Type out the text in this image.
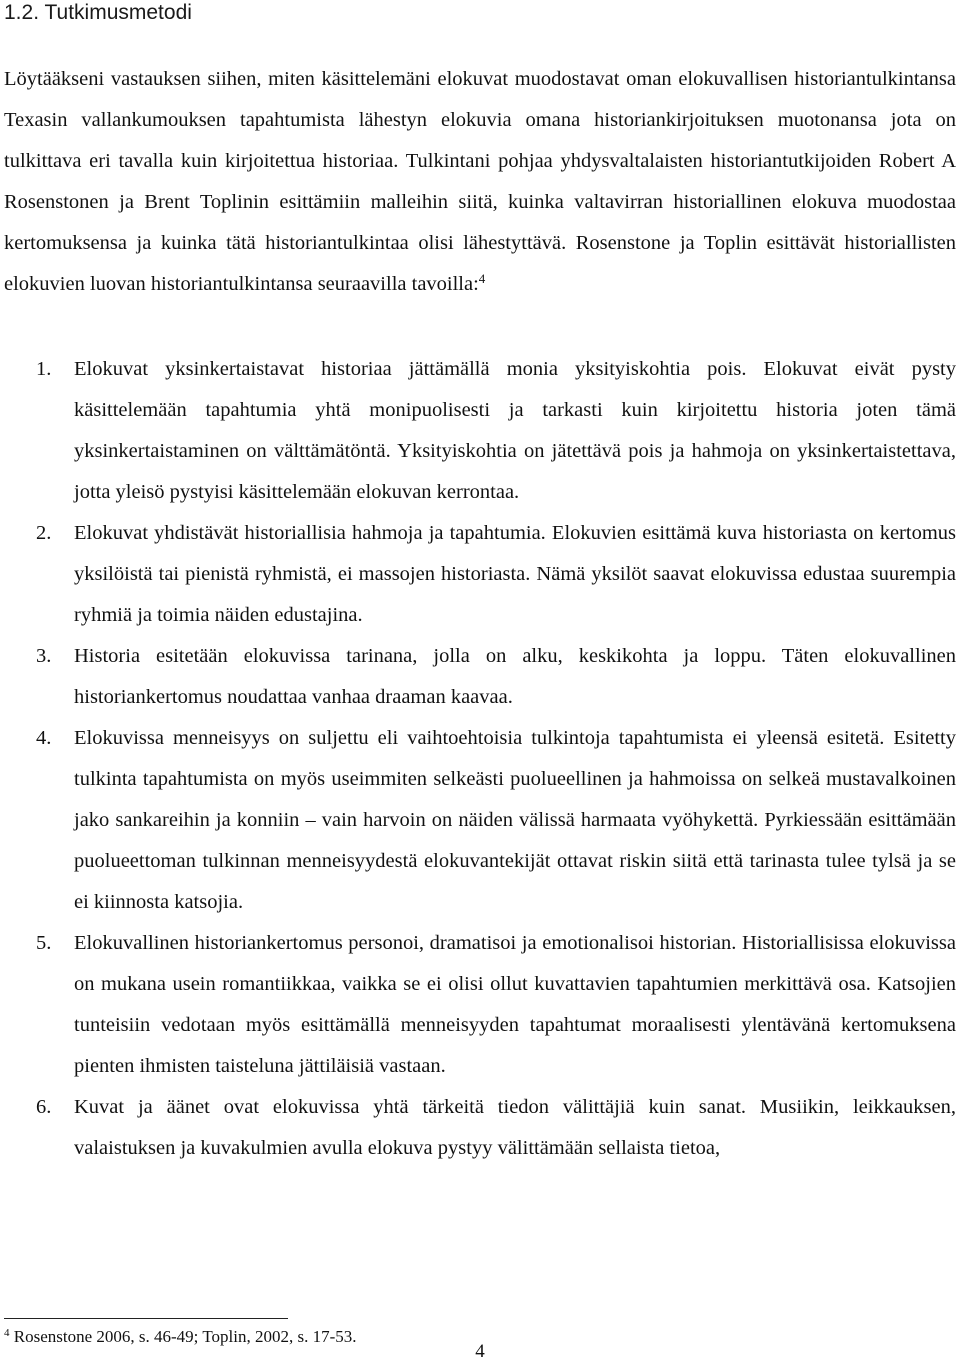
1.2. Tutkimusmetodi

Löytääkseni vastauksen siihen, miten käsittelemäni elokuvat muodostavat oman elokuvallisen historiantulkintansa Texasin vallankumouksen tapahtumista lähestyn elokuvia omana historiankirjoituksen muotonansa jota on tulkittava eri tavalla kuin kirjoitettua historiaa. Tulkintani pohjaa yhdysvaltalaisten historiantutkijoiden Robert A Rosenstonen ja Brent Toplinin esittämiin malleihin siitä, kuinka valtavirran historiallinen elokuva muodostaa kertomuksensa ja kuinka tätä historiantulkintaa olisi lähestyttävä. Rosenstone ja Toplin esittävät historiallisten elokuvien luovan historiantulkintansa seuraavilla tavoilla:$^4$

1. Elokuvat yksinkertaistavat historiaa jättämällä monia yksityiskohtia pois. Elokuvat eivät pysty käsittelemään tapahtumia yhtä monipuolisesti ja tarkasti kuin kirjoitettu historia joten tämä yksinkertaistaminen on välttämätöntä. Yksityiskohtia on jätettävä pois ja hahmoja on yksinkertaistettava, jotta yleisö pystyisi käsittelemään elokuvan kerrontaa.
2. Elokuvat yhdistävät historiallisia hahmoja ja tapahtumia. Elokuvien esittämä kuva historiasta on kertomus yksilöistä tai pienistä ryhmistä, ei massojen historiasta. Nämä yksilöt saavat elokuvissa edustaa suurempia ryhmiä ja toimia näiden edustajina.
3. Historia esitetään elokuvissa tarinana, jolla on alku, keskikohta ja loppu. Täten elokuvallinen historiankertomus noudattaa vanhaa draaman kaavaa.
4. Elokuvissa menneisyys on suljettu eli vaihtoehtoisia tulkintoja tapahtumista ei yleensä esitetä. Esitetty tulkinta tapahtumista on myös useimmiten selkeästi puolueellinen ja hahmoissa on selkeä mustavalkoinen jako sankareihin ja konniin – vain harvoin on näiden välissä harmaata vyöhykettä. Pyrkiessään esittämään puolueettoman tulkinnan menneisyydestä elokuvantekijät ottavat riskin siitä että tarinasta tulee tylsä ja se ei kiinnosta katsojia.
5. Elokuvallinen historiankertomus personoi, dramatisoi ja emotionalisoi historian. Historiallisissa elokuvissa on mukana usein romantiikkaa, vaikka se ei olisi ollut kuvattavien tapahtumien merkittävä osa. Katsojien tunteisiin vedotaan myös esittämällä menneisyyden tapahtumat moraalisesti ylentävänä kertomuksena pienten ihmisten taisteluna jättiläisiä vastaan.
6. Kuvat ja äänet ovat elokuvissa yhtä tärkeitä tiedon välittäjiä kuin sanat. Musiikin, leikkauksen, valaistuksen ja kuvakulmien avulla elokuva pystyy välittämään sellaista tietoa,
$^4$ Rosenstone 2006, s. 46-49; Toplin, 2002, s. 17-53.
4
